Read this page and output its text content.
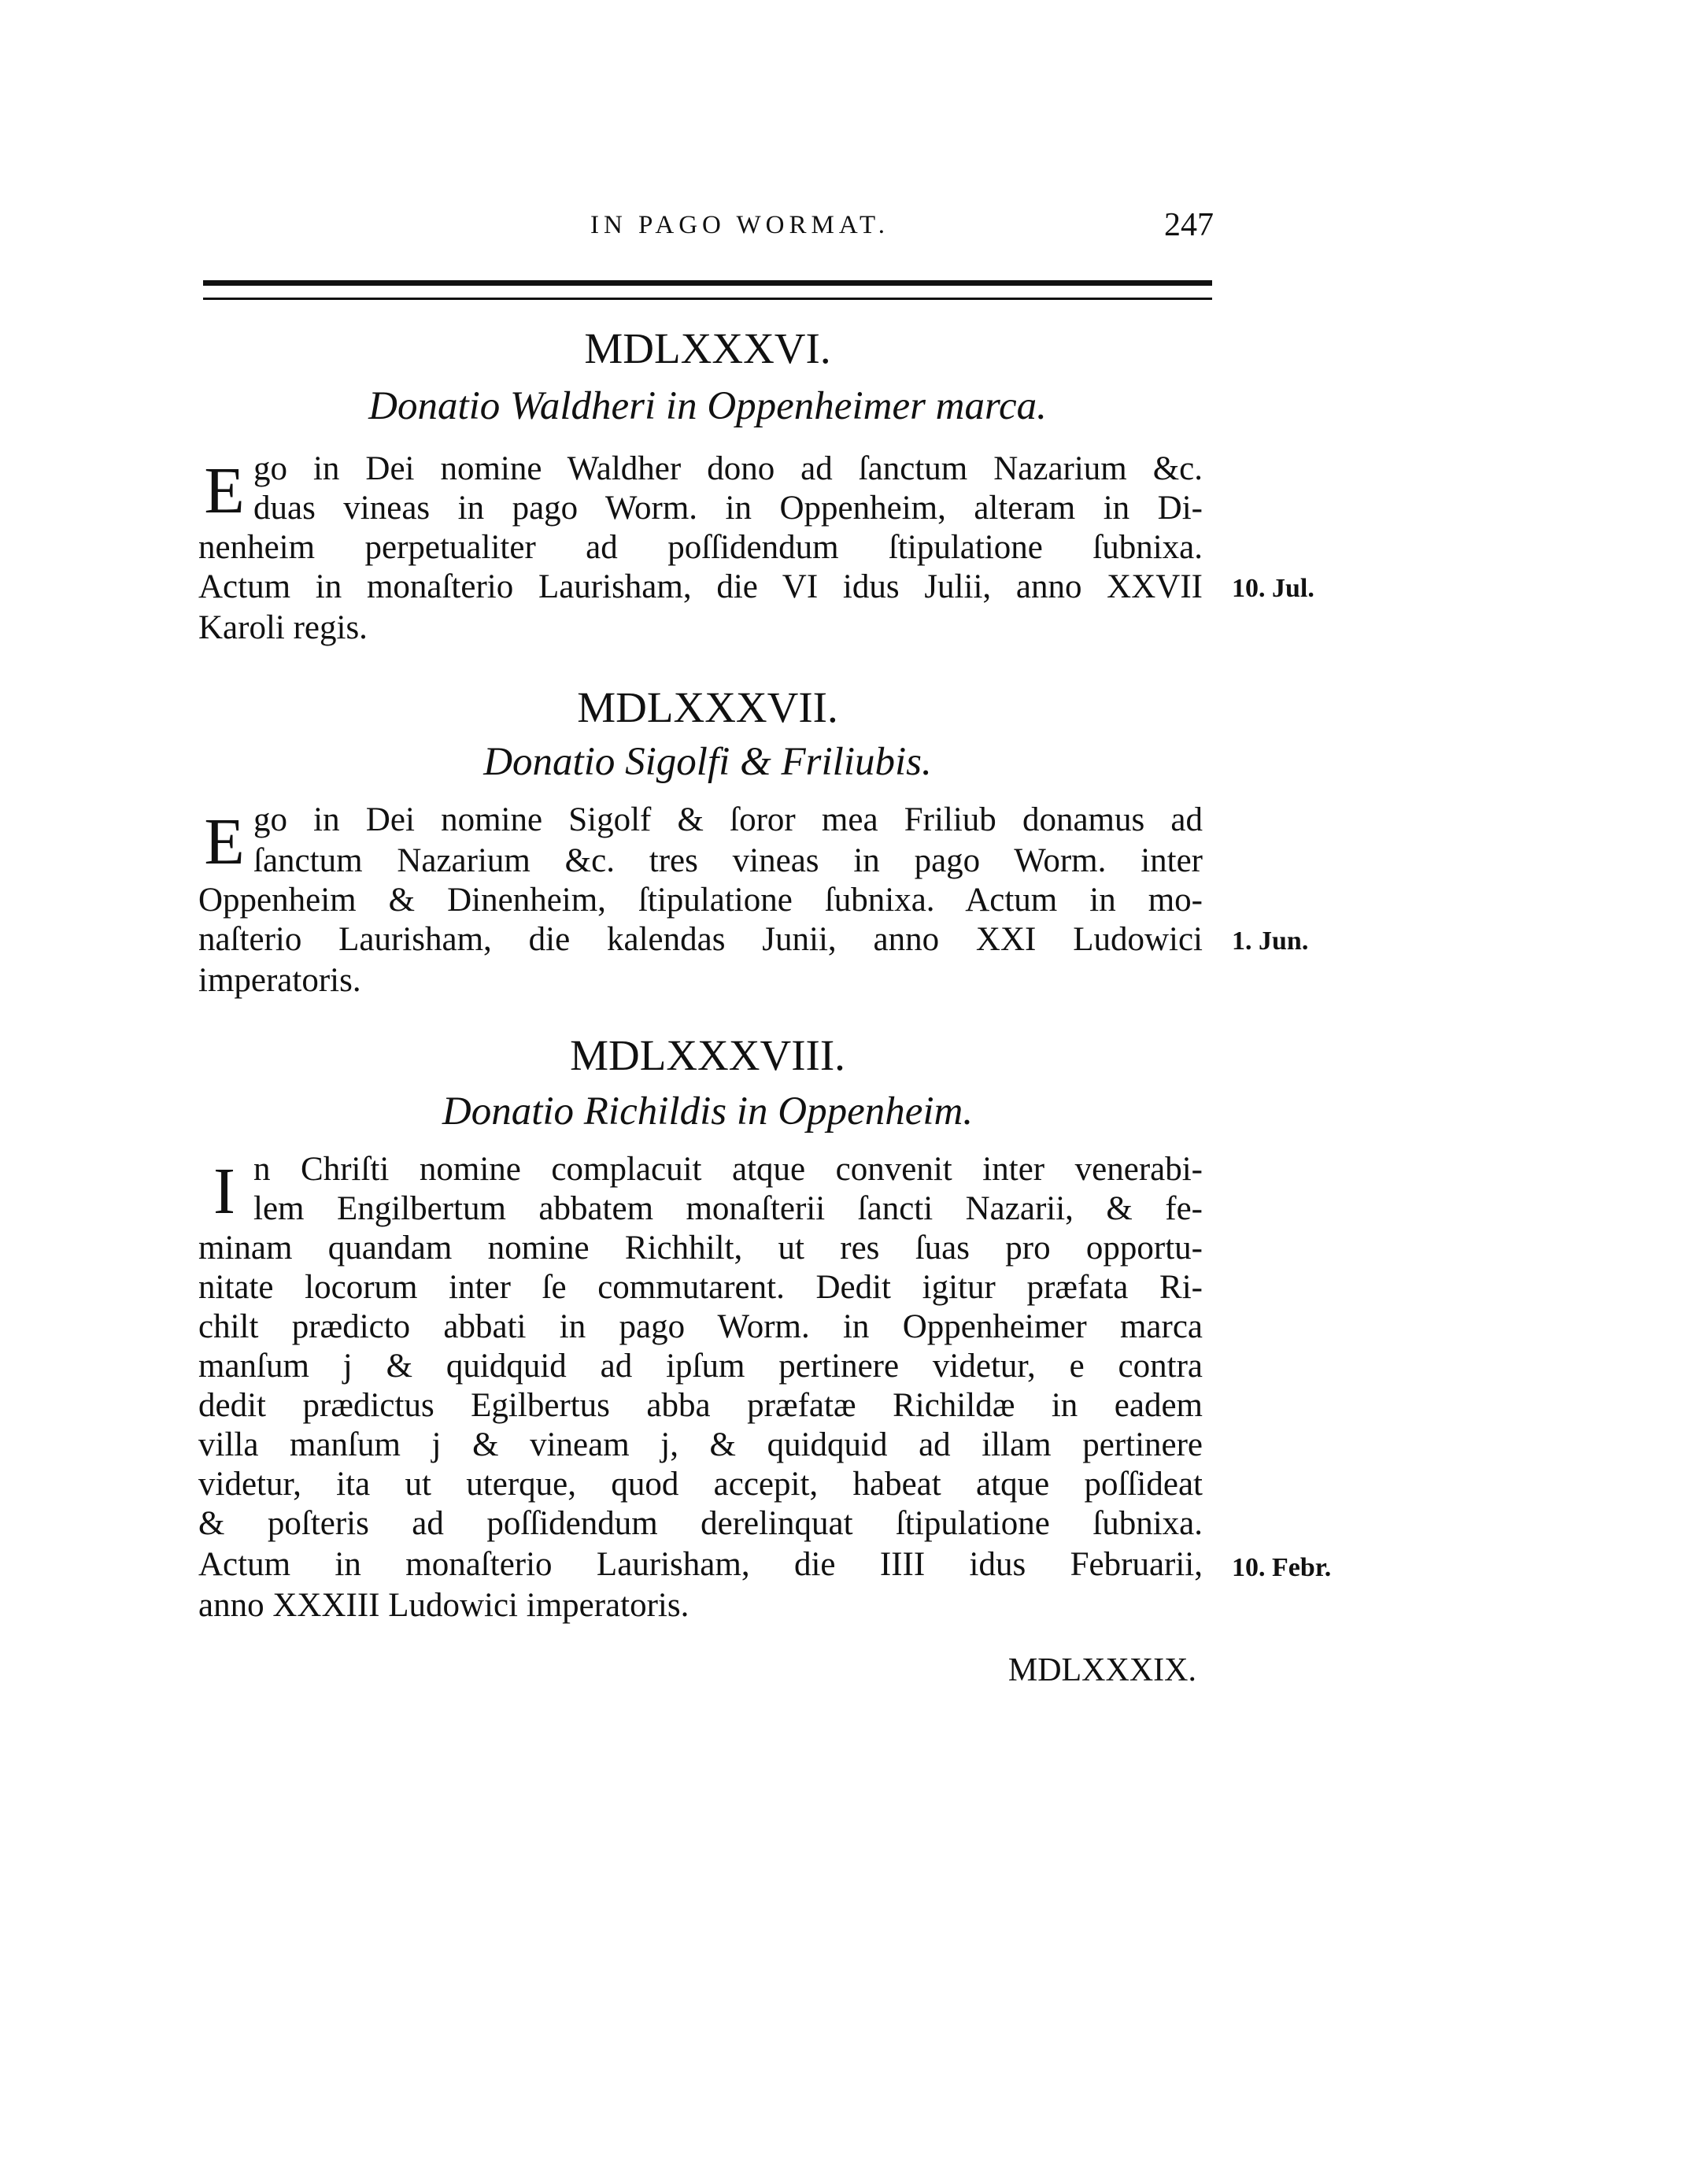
IN PAGO WORMAT.	247
MDLXXXVI.
Donatio Waldheri in Oppenheimer marca.
E go in Dei nomine Waldher dono ad ſanctum Nazarium &c.
duas vineas in pago Worm. in Oppenheim, alteram in Di-
nenheim perpetualiter ad poſſidendum ſtipulatione ſubnixa.
Actum in monaſterio Laurisham, die VI idus Julii, anno XXVII
Karoli regis.
10. Jul.
MDLXXXVII.
Donatio Sigolfi & Friliubis.
E go in Dei nomine Sigolf & ſoror mea Friliub donamus ad
ſanctum Nazarium &c. tres vineas in pago Worm. inter
Oppenheim & Dinenheim, ſtipulatione ſubnixa. Actum in mo-
naſterio Laurisham, die kalendas Junii, anno XXI Ludowici
imperatoris.
1. Jun.
MDLXXXVIII.
Donatio Richildis in Oppenheim.
I n Chriſti nomine complacuit atque convenit inter venerabi-
lem Engilbertum abbatem monaſterii ſancti Nazarii, & fe-
minam quandam nomine Richhilt, ut res ſuas pro opportu-
nitate locorum inter ſe commutarent. Dedit igitur præfata Ri-
chilt prædicto abbati in pago Worm. in Oppenheimer marca
manſum j & quidquid ad ipſum pertinere videtur, e contra
dedit prædictus Egilbertus abba præfatæ Richildæ in eadem
villa manſum j & vineam j, & quidquid ad illam pertinere
videtur, ita ut uterque, quod accepit, habeat atque poſſideat
& poſteris ad poſſidendum derelinquat ſtipulatione ſubnixa.
Actum in monaſterio Laurisham, die IIII idus Februarii,
anno XXXIII Ludowici imperatoris.
10. Febr.
MDLXXXIX.
